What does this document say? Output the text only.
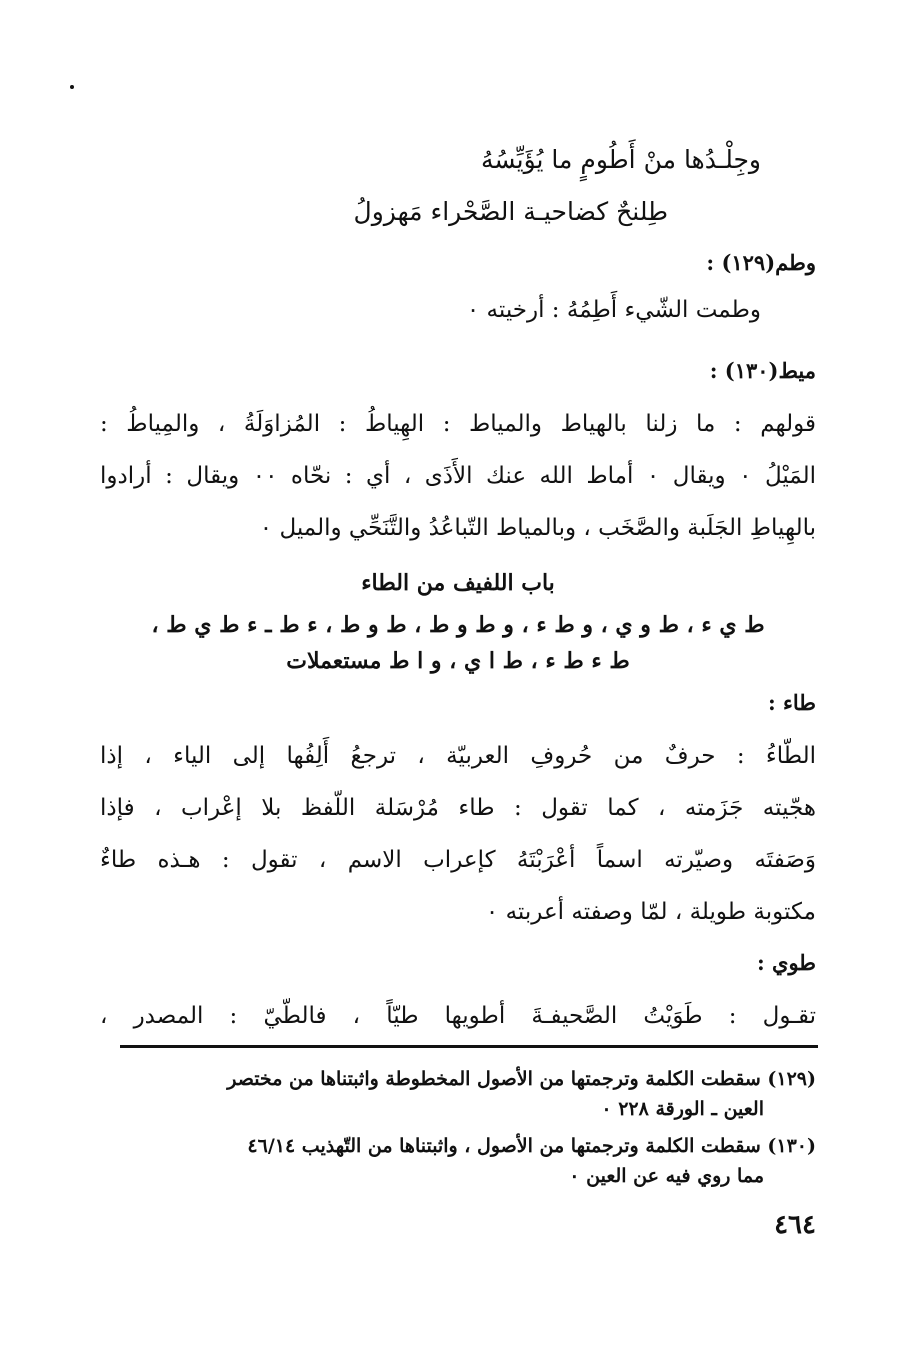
وجِلْـدُها منْ أَطُومٍ ما يُؤَيِّسُهُ
طِلنحٌ كضاحيـة الصَّحْراء مَهزولُ
وطم(١٢٩) :
وطمت الشّيء أَطِمُهُ : أرخيته ٠
ميط(١٣٠) :
قولهم : ما زلنا بالهياط والمياط : الهِياطُ : المُزاوَلَةُ ، والمِياطُ :
المَيْلُ ٠ ويقال ٠ أماط الله عنك الأَذَى ، أي : نحّاه ٠٠ ويقال : أرادوا
بالهِياطِ الجَلَبة والصَّخَب ، وبالمياط التّباعُدُ والتَّنَحِّي والميل ٠
باب اللفيف من الطاء
ط ي ء ، ط و ي ، و ط ء ، و ط و ط ، ط و ط ، ء ط ـ ء ط ي ط ،
ط ء ط ء ، ط ا ي ، و ا ط مستعملات
طاء :
الطّاءُ : حرفٌ من حُروفِ العربيّة ، ترجعُ أَلِفُها إلى الياء ، إذا
هجّيته جَزَمته ، كما تقول : طاء مُرْسَلة اللّفظ بلا إعْراب ، فإذا
وَصَفتَه وصيّرته اسماً أعْرَبْتَهُ كإعراب الاسم ، تقول : هـذه طاءٌ
مكتوبة طويلة ، لمّا وصفته أعربته ٠
طوي :
تقـول : طَوَيْتُ الصَّحيفـةَ أطويها طيّاً ، فالطّيّ : المصدر ،
(١٢٩) سقطت الكلمة وترجمتها من الأصول المخطوطة واثبتناها من مختصر
العين ـ الورقة ٢٢٨ ٠
(١٣٠) سقطت الكلمة وترجمتها من الأصول ، واثبتناها من التّهذيب ٤٦/١٤
مما روي فيه عن العين ٠
٤٦٤
